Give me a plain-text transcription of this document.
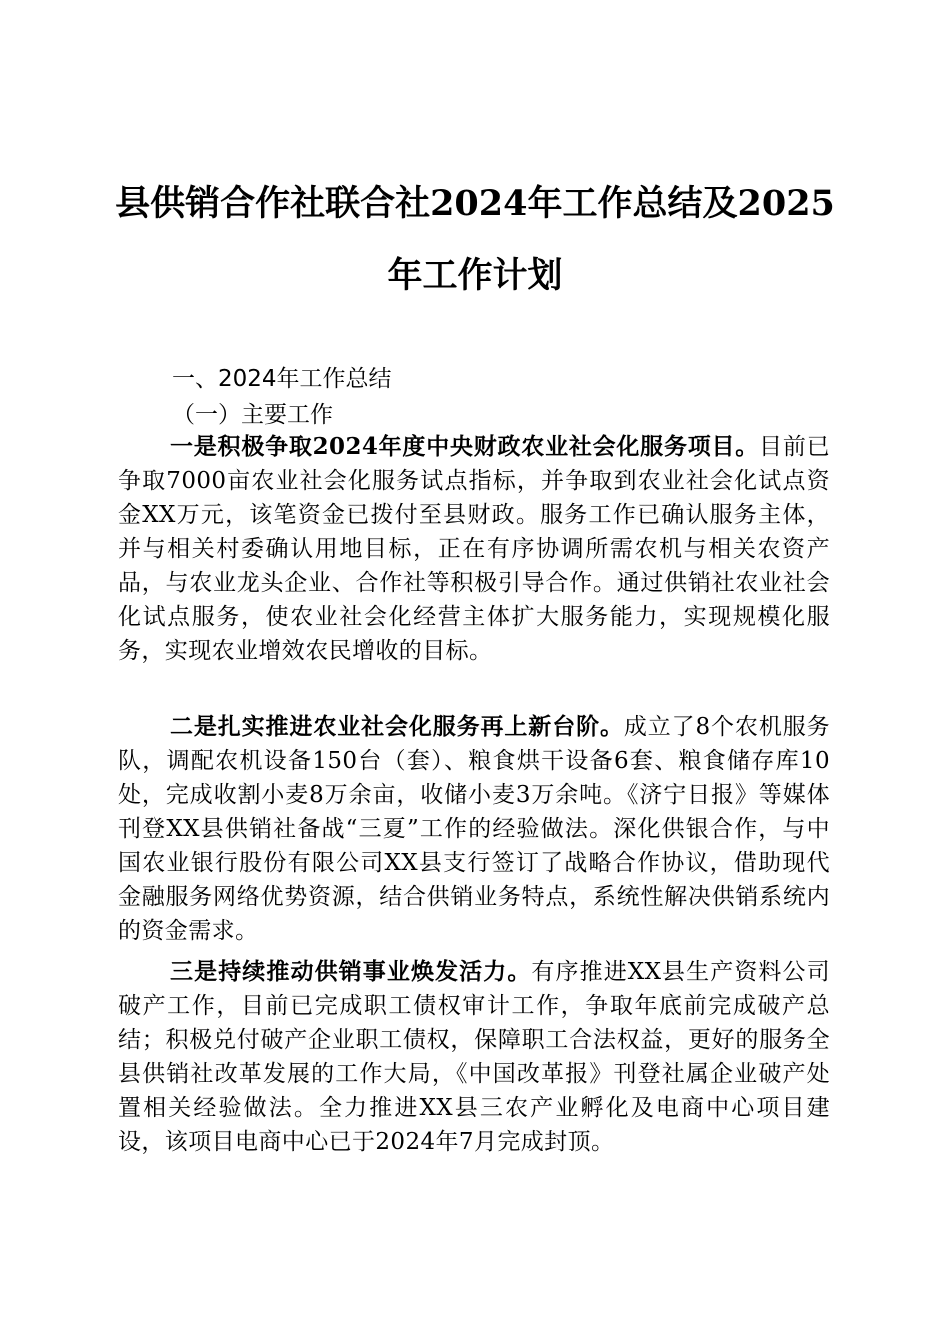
县供销合作社联合社2024年工作总结及2025年工作计划
一、2024年工作总结
（一）主要工作

一是积极争取2024年度中央财政农业社会化服务项目。目前已争取7000亩农业社会化服务试点指标，并争取到农业社会化试点资金XX万元，该笔资金已拨付至县财政。服务工作已确认服务主体，并与相关村委确认用地目标，正在有序协调所需农机与相关农资产品，与农业龙头企业、合作社等积极引导合作。通过供销社农业社会化试点服务，使农业社会化经营主体扩大服务能力，实现规模化服务，实现农业增效农民增收的目标。

二是扎实推进农业社会化服务再上新台阶。成立了8个农机服务队，调配农机设备150台（套）、粮食烘干设备6套、粮食储存库10处，完成收割小麦8万余亩，收储小麦3万余吨。《济宁日报》等媒体刊登XX县供销社备战“三夏”工作的经验做法。深化供银合作，与中国农业银行股份有限公司XX县支行签订了战略合作协议，借助现代金融服务网络优势资源，结合供销业务特点，系统性解决供销系统内的资金需求。

三是持续推动供销事业焕发活力。有序推进XX县生产资料公司破产工作，目前已完成职工债权审计工作，争取年底前完成破产总结；积极兑付破产企业职工债权，保障职工合法权益，更好的服务全县供销社改革发展的工作大局，《中国改革报》刊登社属企业破产处置相关经验做法。全力推进XX县三农产业孵化及电商中心项目建设，该项目电商中心已于2024年7月完成封顶。
